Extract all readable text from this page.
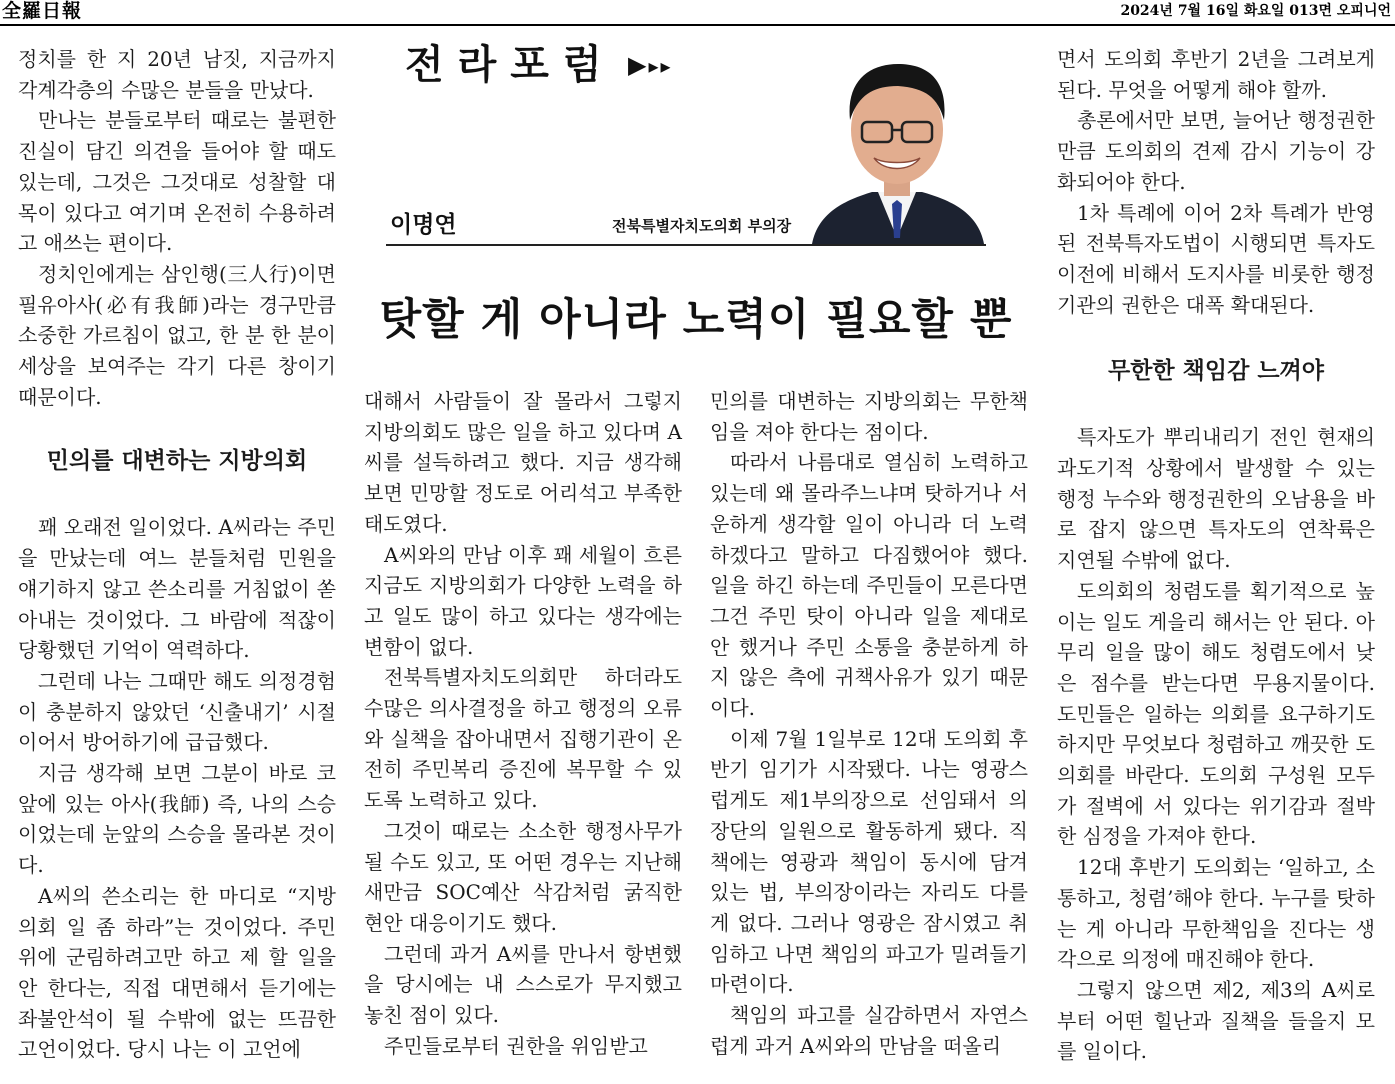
全羅日報	2024년 7월 16일 화요일 013면 오피니언

정치를 한 지 20년 남짓, 지금까지 각계각층의 수많은 분들을 만났다.

만나는 분들로부터 때로는 불편한 진실이 담긴 의견을 들어야 할 때도 있는데, 그것은 그것대로 성찰할 대목이 있다고 여기며 온전히 수용하려고 애쓰는 편이다.

정치인에게는 삼인행(三人行)이면 필유아사(必有我師)라는 경구만큼 소중한 가르침이 없고, 한 분 한 분이 세상을 보여주는 각기 다른 창이기 때문이다.

민의를 대변하는 지방의회

꽤 오래전 일이었다. A씨라는 주민을 만났는데 여느 분들처럼 민원을 얘기하지 않고 쓴소리를 거침없이 쏟아내는 것이었다. 그 바람에 적잖이 당황했던 기억이 역력하다.

그런데 나는 그때만 해도 의정경험이 충분하지 않았던 ‘신출내기’ 시절이어서 방어하기에 급급했다.

지금 생각해 보면 그분이 바로 코앞에 있는 아사(我師) 즉, 나의 스승이었는데 눈앞의 스승을 몰라본 것이다.

A씨의 쓴소리는 한 마디로 “지방의회 일 좀 하라”는 것이었다. 주민 위에 군림하려고만 하고 제 할 일을 안 한다는, 직접 대면해서 듣기에는 좌불안석이 될 수밖에 없는 뜨끔한 고언이었다. 당시 나는 이 고언에

전라포럼 ▶▸▸
이명연	전북특별자치도의회 부의장
탓할 게 아니라 노력이 필요할 뿐

대해서 사람들이 잘 몰라서 그렇지 지방의회도 많은 일을 하고 있다며 A씨를 설득하려고 했다. 지금 생각해 보면 민망할 정도로 어리석고 부족한 태도였다.

A씨와의 만남 이후 꽤 세월이 흐른 지금도 지방의회가 다양한 노력을 하고 일도 많이 하고 있다는 생각에는 변함이 없다.

전북특별자치도의회만 하더라도 수많은 의사결정을 하고 행정의 오류와 실책을 잡아내면서 집행기관이 온전히 주민복리 증진에 복무할 수 있도록 노력하고 있다.

그것이 때로는 소소한 행정사무가 될 수도 있고, 또 어떤 경우는 지난해 새만금 SOC예산 삭감처럼 굵직한 현안 대응이기도 했다.

그런데 과거 A씨를 만나서 항변했을 당시에는 내 스스로가 무지했고 놓친 점이 있다.

주민들로부터 권한을 위임받고

민의를 대변하는 지방의회는 무한책임을 져야 한다는 점이다.

따라서 나름대로 열심히 노력하고 있는데 왜 몰라주느냐며 탓하거나 서운하게 생각할 일이 아니라 더 노력하겠다고 말하고 다짐했어야 했다. 일을 하긴 하는데 주민들이 모른다면 그건 주민 탓이 아니라 일을 제대로 안 했거나 주민 소통을 충분하게 하지 않은 측에 귀책사유가 있기 때문이다.

이제 7월 1일부로 12대 도의회 후반기 임기가 시작됐다. 나는 영광스럽게도 제1부의장으로 선임돼서 의장단의 일원으로 활동하게 됐다. 직책에는 영광과 책임이 동시에 담겨 있는 법, 부의장이라는 자리도 다를게 없다. 그러나 영광은 잠시였고 취임하고 나면 책임의 파고가 밀려들기 마련이다.

책임의 파고를 실감하면서 자연스럽게 과거 A씨와의 만남을 떠올리

면서 도의회 후반기 2년을 그려보게 된다. 무엇을 어떻게 해야 할까.

총론에서만 보면, 늘어난 행정권한만큼 도의회의 견제 감시 기능이 강화되어야 한다.

1차 특례에 이어 2차 특례가 반영된 전북특자도법이 시행되면 특자도 이전에 비해서 도지사를 비롯한 행정기관의 권한은 대폭 확대된다.

무한한 책임감 느껴야

특자도가 뿌리내리기 전인 현재의 과도기적 상황에서 발생할 수 있는 행정 누수와 행정권한의 오남용을 바로 잡지 않으면 특자도의 연착륙은 지연될 수밖에 없다.

도의회의 청렴도를 획기적으로 높이는 일도 게을리 해서는 안 된다. 아무리 일을 많이 해도 청렴도에서 낮은 점수를 받는다면 무용지물이다. 도민들은 일하는 의회를 요구하기도 하지만 무엇보다 청렴하고 깨끗한 도의회를 바란다. 도의회 구성원 모두가 절벽에 서 있다는 위기감과 절박한 심정을 가져야 한다.

12대 후반기 도의회는 ‘일하고, 소통하고, 청렴’해야 한다. 누구를 탓하는 게 아니라 무한책임을 진다는 생각으로 의정에 매진해야 한다.

그렇지 않으면 제2, 제3의 A씨로부터 어떤 힐난과 질책을 들을지 모를 일이다.
